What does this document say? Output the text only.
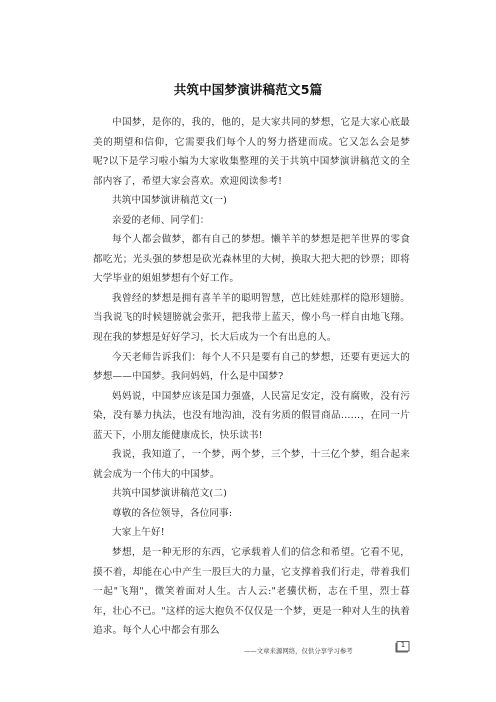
共筑中国梦演讲稿范文5篇

中国梦，是你的，我的，他的，是大家共同的梦想，它是大家心底最美的期望和信仰，它需要我们每个人的努力搭建而成。它又怎么会是梦呢?以下是学习啦小编为大家收集整理的关于共筑中国梦演讲稿范文的全部内容了，希望大家会喜欢。欢迎阅读参考!

共筑中国梦演讲稿范文(一)

亲爱的老师、同学们：

每个人都会做梦，都有自己的梦想。懒羊羊的梦想是把羊世界的零食都吃光；光头强的梦想是砍光森林里的大树，换取大把大把的钞票；即将大学毕业的姐姐梦想有个好工作。

我曾经的梦想是拥有喜羊羊的聪明智慧，芭比娃娃那样的隐形翅膀。当我说飞的时候翅膀就会张开，把我带上蓝天，像小鸟一样自由地飞翔。现在我的梦想是好好学习，长大后成为一个有出息的人。

今天老师告诉我们：每个人不只是要有自己的梦想，还要有更远大的梦想——中国梦。我问妈妈，什么是中国梦?

妈妈说，中国梦应该是国力强盛，人民富足安定，没有腐败，没有污染，没有暴力执法，也没有地沟油，没有劣质的假冒商品……，在同一片蓝天下，小朋友能健康成长，快乐读书!

我说，我知道了，一个梦，两个梦，三个梦，十三亿个梦，组合起来就会成为一个伟大的中国梦。

共筑中国梦演讲稿范文(二)

尊敬的各位领导，各位同事:

大家上午好!

梦想，是一种无形的东西，它承载着人们的信念和希望。它看不见，摸不着，却能在心中产生一股巨大的力量，它支撑着我们行走，带着我们一起"飞翔"，微笑着面对人生。古人云:"老骥伏枥，志在千里，烈士暮年，壮心不已。"这样的远大抱负不仅仅是一个梦，更是一种对人生的执着追求。每个人心中都会有那么

——文章来源网络，仅供分享学习参考
1
